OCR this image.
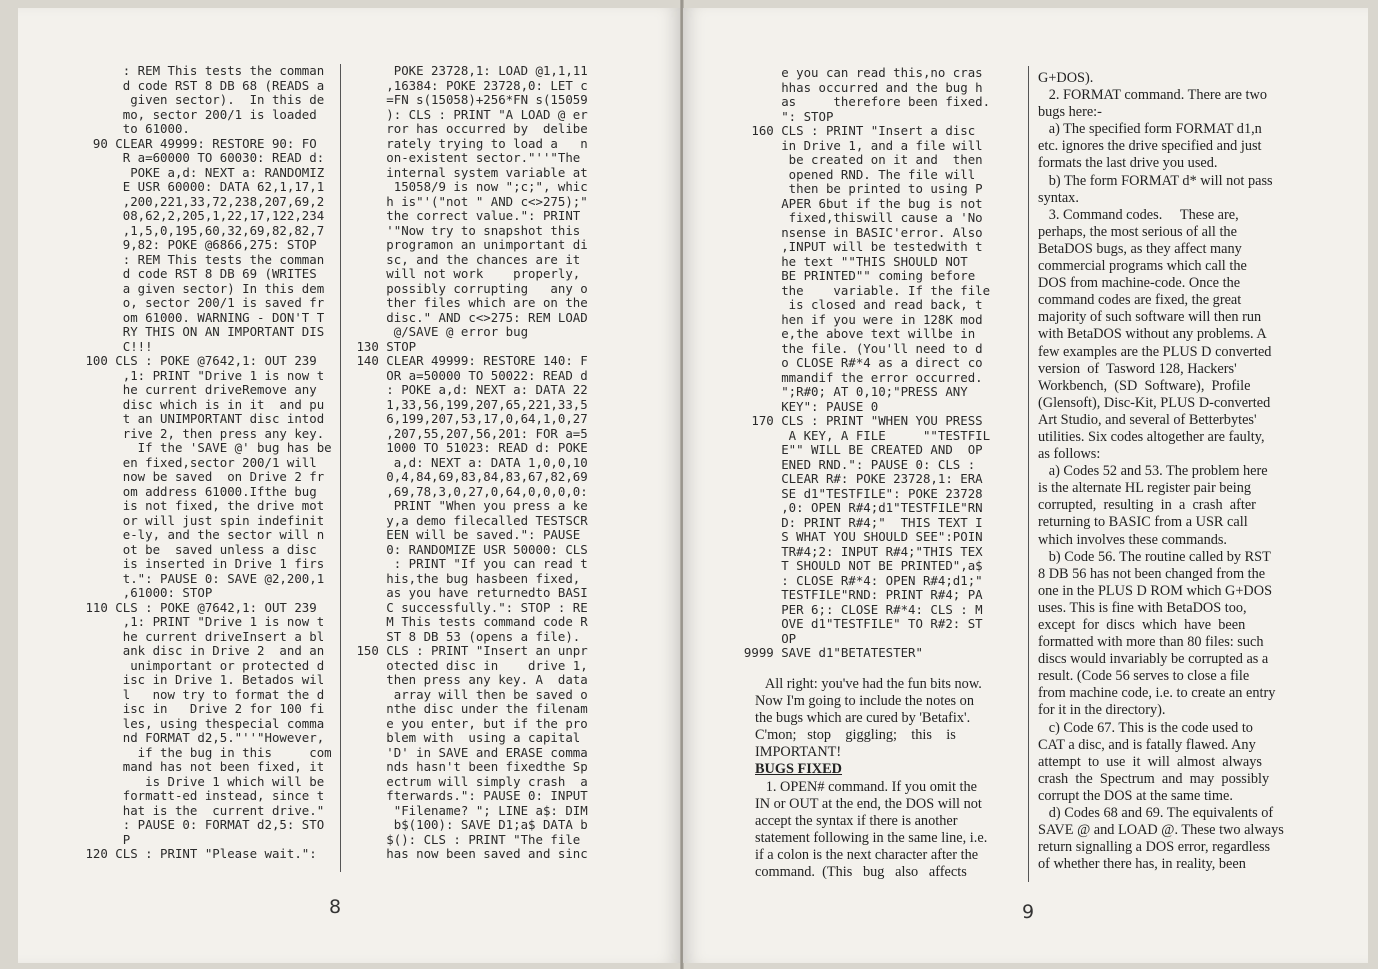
: REM This tests the comman
d code RST 8 DB 68 (READS a
given sector).  In this de
mo, sector 200/1 is loaded
to 61000.
90 CLEAR 49999: RESTORE 90: FO
R a=60000 TO 60030: READ d:
POKE a,d: NEXT a: RANDOMIZ
E USR 60000: DATA 62,1,17,1
,200,221,33,72,238,207,69,2
08,62,2,205,1,22,17,122,234
,1,5,0,195,60,32,69,82,82,7
9,82: POKE @6866,275: STOP
: REM This tests the comman
d code RST 8 DB 69 (WRITES
a given sector) In this dem
o, sector 200/1 is saved fr
om 61000. WARNING - DON'T T
RY THIS ON AN IMPORTANT DIS
C!!!
100 CLS : POKE @7642,1: OUT 239
,1: PRINT "Drive 1 is now t
he current driveRemove any
disc which is in it  and pu
t an UNIMPORTANT disc intod
rive 2, then press any key.
If the 'SAVE @' bug has be
en fixed,sector 200/1 will
now be saved  on Drive 2 fr
om address 61000.Ifthe bug
is not fixed, the drive mot
or will just spin indefinit
e-ly, and the sector will n
ot be  saved unless a disc
is inserted in Drive 1 firs
t.": PAUSE 0: SAVE @2,200,1
,61000: STOP
110 CLS : POKE @7642,1: OUT 239
,1: PRINT "Drive 1 is now t
he current driveInsert a bl
ank disc in Drive 2  and an
unimportant or protected d
isc in Drive 1. Betados wil
l   now try to format the d
isc in   Drive 2 for 100 fi
les, using thespecial comma
nd FORMAT d2,5."''"However,
if the bug in this     com
mand has not been fixed, it
is Drive 1 which will be
formatt-ed instead, since t
hat is the  current drive."
: PAUSE 0: FORMAT d2,5: STO
P
120 CLS : PRINT "Please wait.":
POKE 23728,1: LOAD @1,1,11
,16384: POKE 23728,0: LET c
=FN s(15058)+256*FN s(15059
): CLS : PRINT "A LOAD @ er
ror has occurred by  delibe
rately trying to load a   n
on-existent sector."''"The
internal system variable at
15058/9 is now ";c;", whic
h is"'("not " AND c<>275);"
the correct value.": PRINT
'"Now try to snapshot this
programon an unimportant di
sc, and the chances are it
will not work    properly,
possibly corrupting   any o
ther files which are on the
disc." AND c<>275: REM LOAD
@/SAVE @ error bug
130 STOP
140 CLEAR 49999: RESTORE 140: F
OR a=50000 TO 50022: READ d
: POKE a,d: NEXT a: DATA 22
1,33,56,199,207,65,221,33,5
6,199,207,53,17,0,64,1,0,27
,207,55,207,56,201: FOR a=5
1000 TO 51023: READ d: POKE
a,d: NEXT a: DATA 1,0,0,10
0,4,84,69,83,84,83,67,82,69
,69,78,3,0,27,0,64,0,0,0,0:
PRINT "When you press a ke
y,a demo filecalled TESTSCR
EEN will be saved.": PAUSE
0: RANDOMIZE USR 50000: CLS
: PRINT "If you can read t
his,the bug hasbeen fixed,
as you have returnedto BASI
C successfully.": STOP : RE
M This tests command code R
ST 8 DB 53 (opens a file).
150 CLS : PRINT "Insert an unpr
otected disc in    drive 1,
then press any key. A  data
array will then be saved o
nthe disc under the filenam
e you enter, but if the pro
blem with  using a capital
'D' in SAVE and ERASE comma
nds hasn't been fixedthe Sp
ectrum will simply crash  a
fterwards.": PAUSE 0: INPUT
"Filename? "; LINE a$: DIM
b$(100): SAVE D1;a$ DATA b
$(): CLS : PRINT "The file
has now been saved and sinc
8
e you can read this,no cras
hhas occurred and the bug h
as     therefore been fixed.
": STOP
160 CLS : PRINT "Insert a disc
in Drive 1, and a file will
be created on it and  then
opened RND. The file will
then be printed to using P
APER 6but if the bug is not
fixed,thiswill cause a 'No
nsense in BASIC'error. Also
,INPUT will be testedwith t
he text ""THIS SHOULD NOT
BE PRINTED"" coming before
the    variable. If the file
is closed and read back, t
hen if you were in 128K mod
e,the above text willbe in
the file. (You'll need to d
o CLOSE R#*4 as a direct co
mmandif the error occurred.
";R#0; AT 0,10;"PRESS ANY
KEY": PAUSE 0
170 CLS : PRINT "WHEN YOU PRESS
A KEY, A FILE     ""TESTFIL
E"" WILL BE CREATED AND  OP
ENED RND.": PAUSE 0: CLS :
CLEAR R#: POKE 23728,1: ERA
SE d1"TESTFILE": POKE 23728
,0: OPEN R#4;d1"TESTFILE"RN
D: PRINT R#4;"  THIS TEXT I
S WHAT YOU SHOULD SEE":POIN
TR#4;2: INPUT R#4;"THIS TEX
T SHOULD NOT BE PRINTED",a$
: CLOSE R#*4: OPEN R#4;d1;"
TESTFILE"RND: PRINT R#4; PA
PER 6;: CLOSE R#*4: CLS : M
OVE d1"TESTFILE" TO R#2: ST
OP
9999 SAVE d1"BETATESTER"
All right: you've had the fun bits now.
Now I'm going to include the notes on
the bugs which are cured by 'Betafix'.
C'mon;   stop    giggling;    this    is
IMPORTANT!
BUGS FIXED
1. OPEN# command. If you omit the
IN or OUT at the end, the DOS will not
accept the syntax if there is another
statement following in the same line, i.e.
if a colon is the next character after the
command.  (This   bug   also   affects
G+DOS).
2. FORMAT command. There are two
bugs here:-
a) The specified form FORMAT d1,n
etc. ignores the drive specified and just
formats the last drive you used.
b) The form FORMAT d* will not pass
syntax.
3. Command codes.     These are,
perhaps, the most serious of all the
BetaDOS bugs, as they affect many
commercial programs which call the
DOS from machine-code. Once the
command codes are fixed, the great
majority of such software will then run
with BetaDOS without any problems. A
few examples are the PLUS D converted
version  of  Tasword 128, Hackers'
Workbench,  (SD  Software),  Profile
(Glensoft), Disc-Kit, PLUS D-converted
Art Studio, and several of Betterbytes'
utilities. Six codes altogether are faulty,
as follows:
a) Codes 52 and 53. The problem here
is the alternate HL register pair being
corrupted,  resulting  in  a  crash  after
returning to BASIC from a USR call
which involves these commands.
b) Code 56. The routine called by RST
8 DB 56 has not been changed from the
one in the PLUS D ROM which G+DOS
uses. This is fine with BetaDOS too,
except  for  discs  which  have  been
formatted with more than 80 files: such
discs would invariably be corrupted as a
result. (Code 56 serves to close a file
from machine code, i.e. to create an entry
for it in the directory).
c) Code 67. This is the code used to
CAT a disc, and is fatally flawed. Any
attempt  to  use  it  will  almost  always
crash  the  Spectrum  and  may  possibly
corrupt the DOS at the same time.
d) Codes 68 and 69. The equivalents of
SAVE @ and LOAD @. These two always
return signalling a DOS error, regardless
of whether there has, in reality, been
9
